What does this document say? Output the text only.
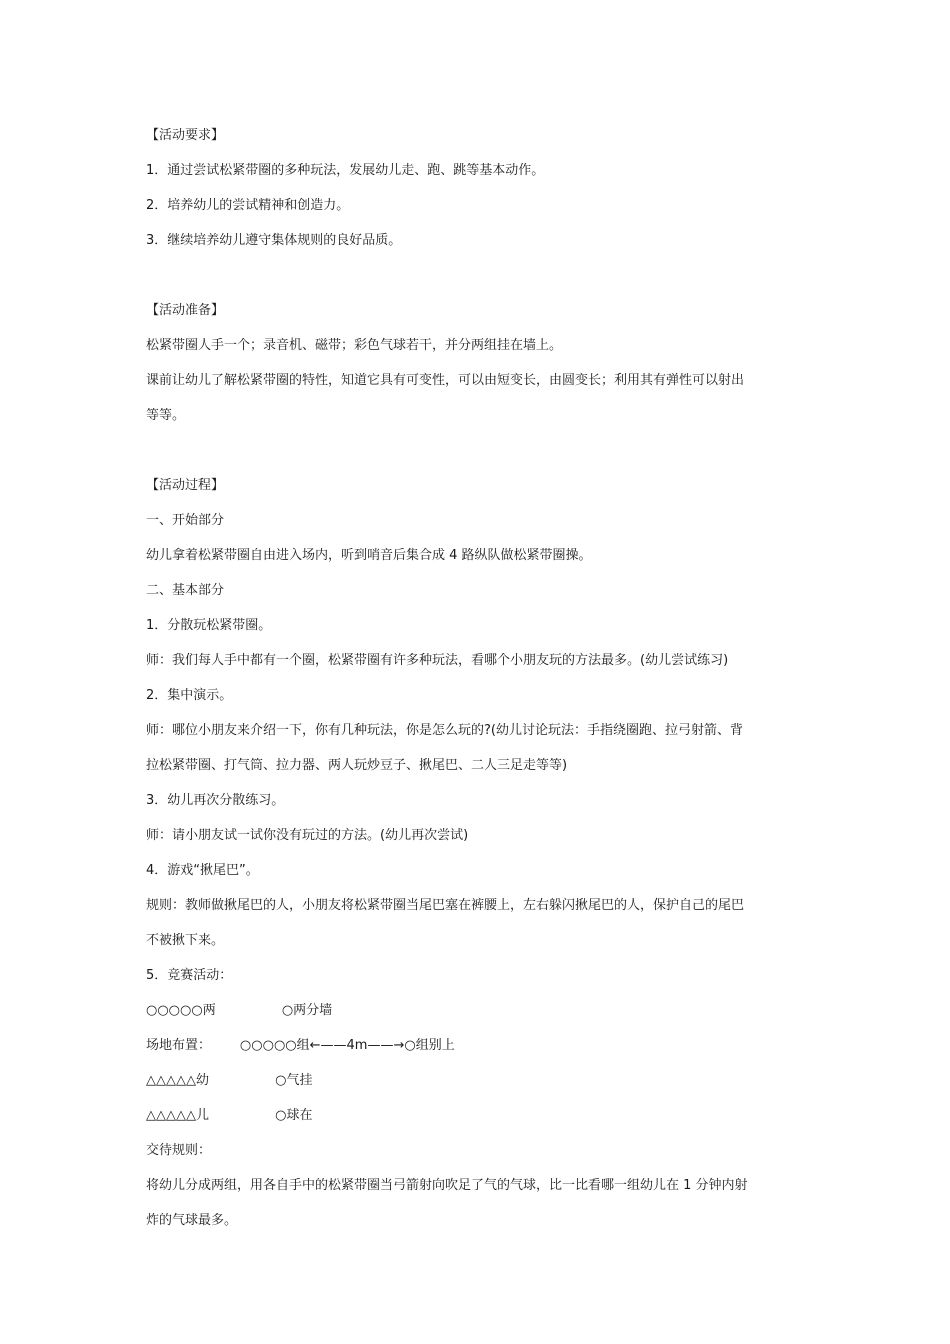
【活动要求】
1．通过尝试松紧带圈的多种玩法，发展幼儿走、跑、跳等基本动作。
2．培养幼儿的尝试精神和创造力。
3．继续培养幼儿遵守集体规则的良好品质。
【活动准备】
松紧带圈人手一个；录音机、磁带；彩色气球若干，并分两组挂在墙上。
课前让幼儿了解松紧带圈的特性，知道它具有可变性，可以由短变长，由圆变长；利用其有弹性可以射出
等等。
【活动过程】
一、开始部分
幼儿拿着松紧带圈自由进入场内，听到哨音后集合成 4 路纵队做松紧带圈操。
二、基本部分
1．分散玩松紧带圈。
师：我们每人手中都有一个圈，松紧带圈有许多种玩法，看哪个小朋友玩的方法最多。(幼儿尝试练习)
2．集中演示。
师：哪位小朋友来介绍一下，你有几种玩法，你是怎么玩的?(幼儿讨论玩法：手指绕圈跑、拉弓射箭、背
拉松紧带圈、打气筒、拉力器、两人玩炒豆子、揪尾巴、二人三足走等等)
3．幼儿再次分散练习。
师：请小朋友试一试你没有玩过的方法。(幼儿再次尝试)
4．游戏“揪尾巴”。
规则：教师做揪尾巴的人，小朋友将松紧带圈当尾巴塞在裤腰上，左右躲闪揪尾巴的人，保护自己的尾巴
不被揪下来。
5．竞赛活动：
○○○○○两                ○两分墙
场地布置：       ○○○○○组←——4m——→○组别上
△△△△△幼                ○气挂
△△△△△儿                ○球在
交待规则：
将幼儿分成两组，用各自手中的松紧带圈当弓箭射向吹足了气的气球，比一比看哪一组幼儿在 1 分钟内射
炸的气球最多。
